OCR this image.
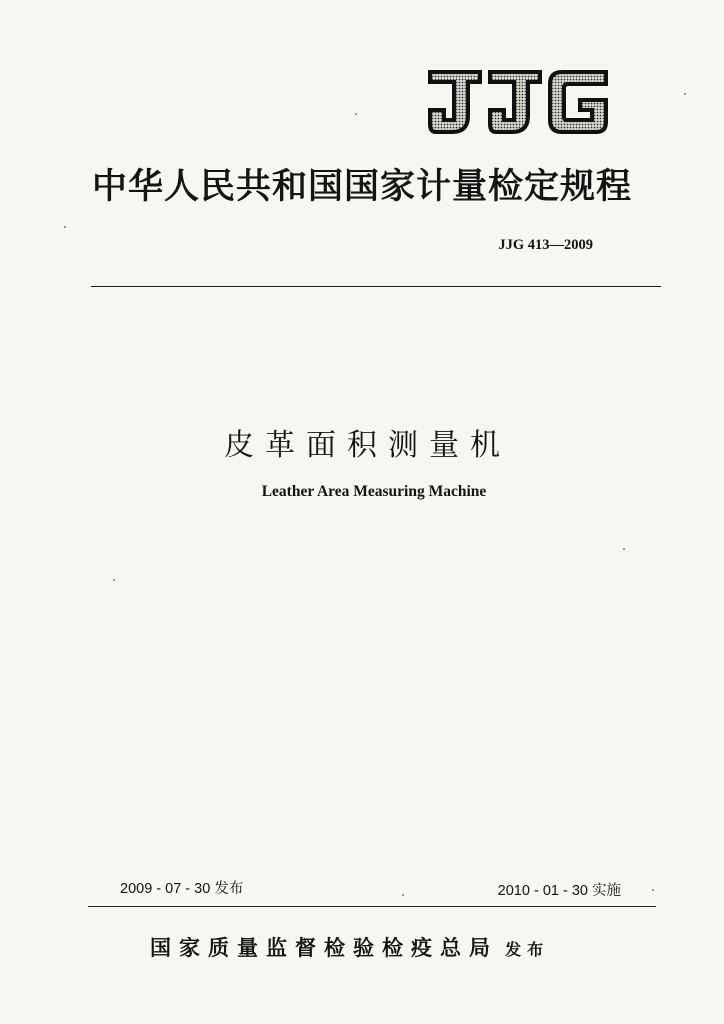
中华人民共和国国家计量检定规程
JJG 413—2009
皮革面积测量机
Leather Area Measuring Machine
2009 - 07 - 30 发布	2010 - 01 - 30 实施
国家质量监督检验检疫总局 发布
